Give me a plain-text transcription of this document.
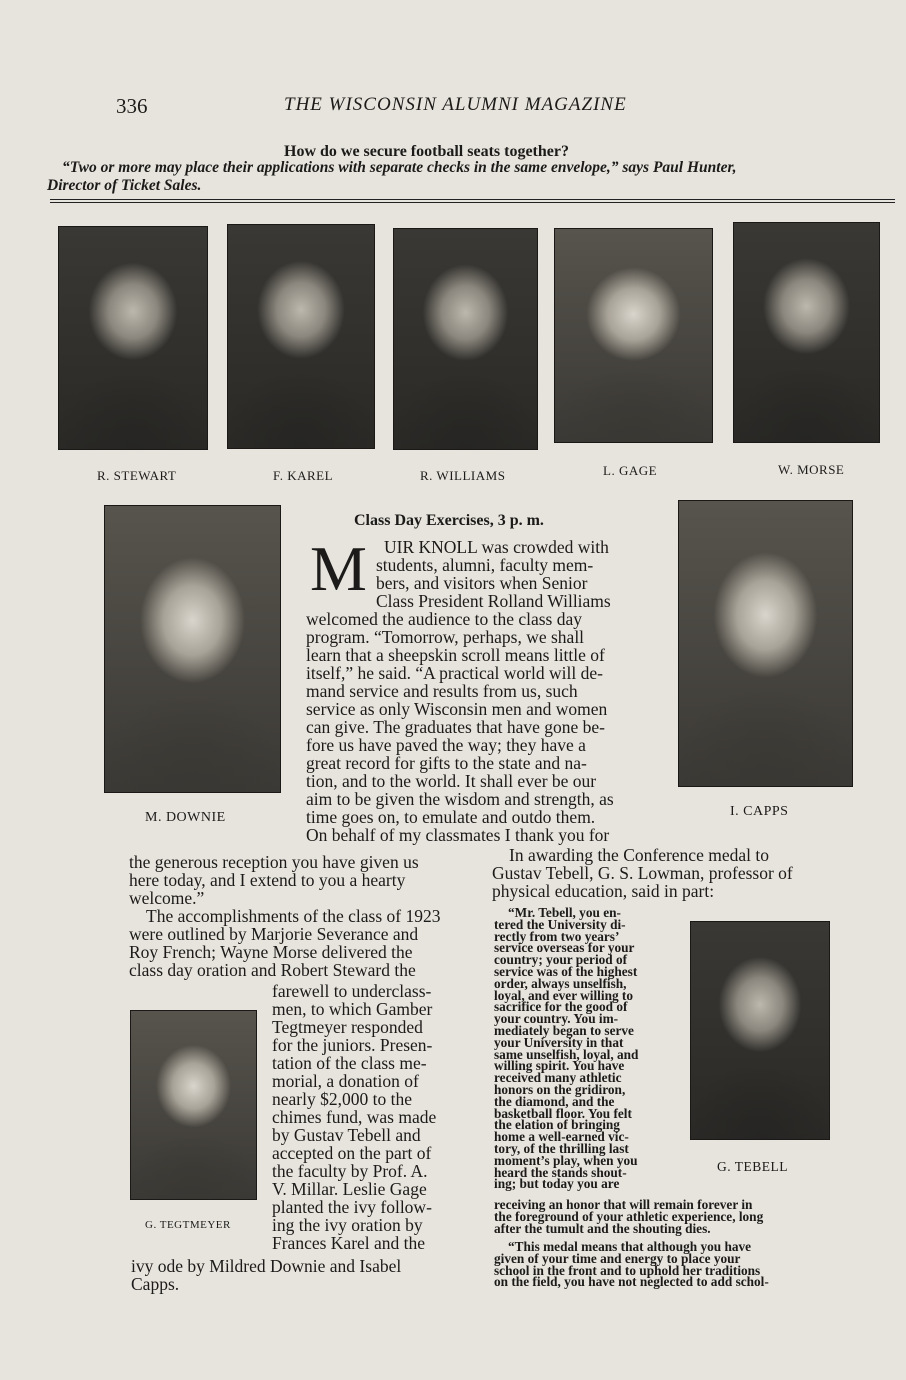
336	THE WISCONSIN ALUMNI MAGAZINE
How do we secure football seats together?
“Two or more may place their applications with separate checks in the same envelope,” says Paul Hunter,
Director of Ticket Sales.
R. STEWART	F. KAREL	R. WILLIAMS	L. GAGE	W. MORSE
M. DOWNIE	I. CAPPS
G. TEGTMEYER
G. TEBELL
Class Day Exercises, 3 p. m.
M UIR KNOLL was crowded with

students, alumni, faculty mem-

bers, and visitors when Senior

Class President Rolland Williams

welcomed the audience to the class day

program. “Tomorrow, perhaps, we shall

learn that a sheepskin scroll means little of

itself,” he said. “A practical world will de-

mand service and results from us, such

service as only Wisconsin men and women

can give. The graduates that have gone be-

fore us have paved the way; they have a

great record for gifts to the state and na-

tion, and to the world. It shall ever be our

aim to be given the wisdom and strength, as

time goes on, to emulate and outdo them.

On behalf of my classmates I thank you for

the generous reception you have given us

here today, and I extend to you a hearty

welcome.”

The accomplishments of the class of 1923

were outlined by Marjorie Severance and

Roy French; Wayne Morse delivered the

class day oration and Robert Steward the

farewell to underclass-

men, to which Gamber

Tegtmeyer responded

for the juniors. Presen-

tation of the class me-

morial, a donation of

nearly $2,000 to the

chimes fund, was made

by Gustav Tebell and

accepted on the part of

the faculty by Prof. A.

V. Millar. Leslie Gage

planted the ivy follow-

ing the ivy oration by

Frances Karel and the

ivy ode by Mildred Downie and Isabel

Capps.

In awarding the Conference medal to

Gustav Tebell, G. S. Lowman, professor of

physical education, said in part:

“Mr. Tebell, you en-

tered the University di-

rectly from two years’

service overseas for your

country; your period of

service was of the highest

order, always unselfish,

loyal, and ever willing to

sacrifice for the good of

your country. You im-

mediately began to serve

your University in that

same unselfish, loyal, and

willing spirit. You have

received many athletic

honors on the gridiron,

the diamond, and the

basketball floor. You felt

the elation of bringing

home a well-earned vic-

tory, of the thrilling last

moment’s play, when you

heard the stands shout-

ing; but today you are

receiving an honor that will remain forever in

the foreground of your athletic experience, long

after the tumult and the shouting dies.

“This medal means that although you have

given of your time and energy to place your

school in the front and to uphold her traditions

on the field, you have not neglected to add schol-
